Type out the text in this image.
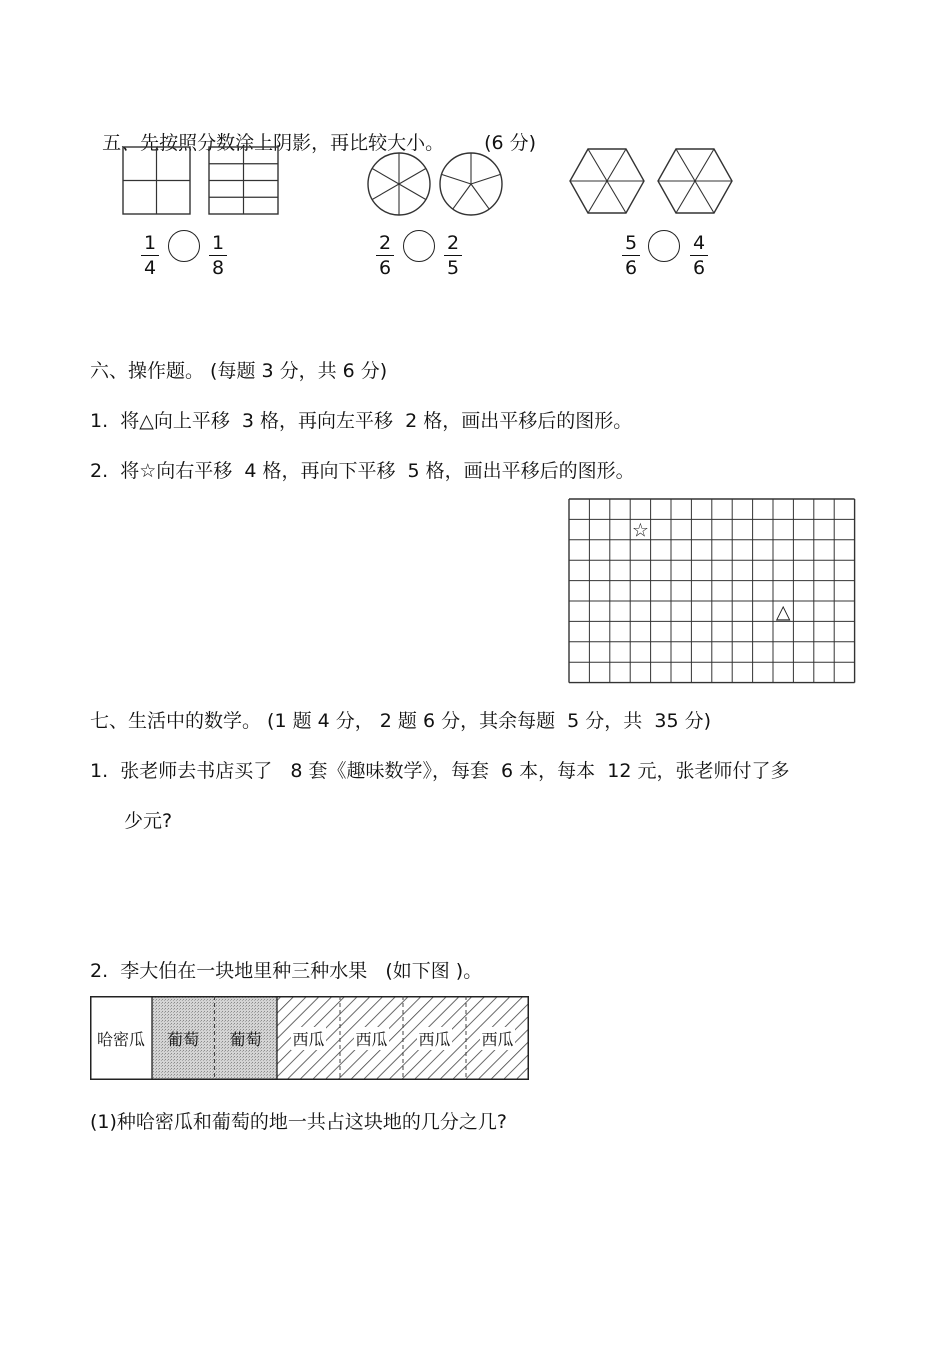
五、先按照分数涂上阴影，再比较大小。 (6 分)

1
4
1
8
2
6
2
5
5
6
4
6
六、操作题。 (每题 3 分，共 6 分)
1.  将△向上平移  3 格，再向左平移  2 格，画出平移后的图形。
2.  将☆向右平移  4 格，再向下平移  5 格，画出平移后的图形。
☆
△
七、生活中的数学。 (1 题 4 分， 2 题 6 分，其余每题  5 分，共  35 分)
1.  张老师去书店买了   8 套《趣味数学》，每套  6 本，每本  12 元，张老师付了多
少元?
2.  李大伯在一块地里种三种水果   (如下图 )。
哈密瓜 葡萄 葡萄 西瓜 西瓜 西瓜 西瓜
(1)种哈密瓜和葡萄的地一共占这块地的几分之几?
